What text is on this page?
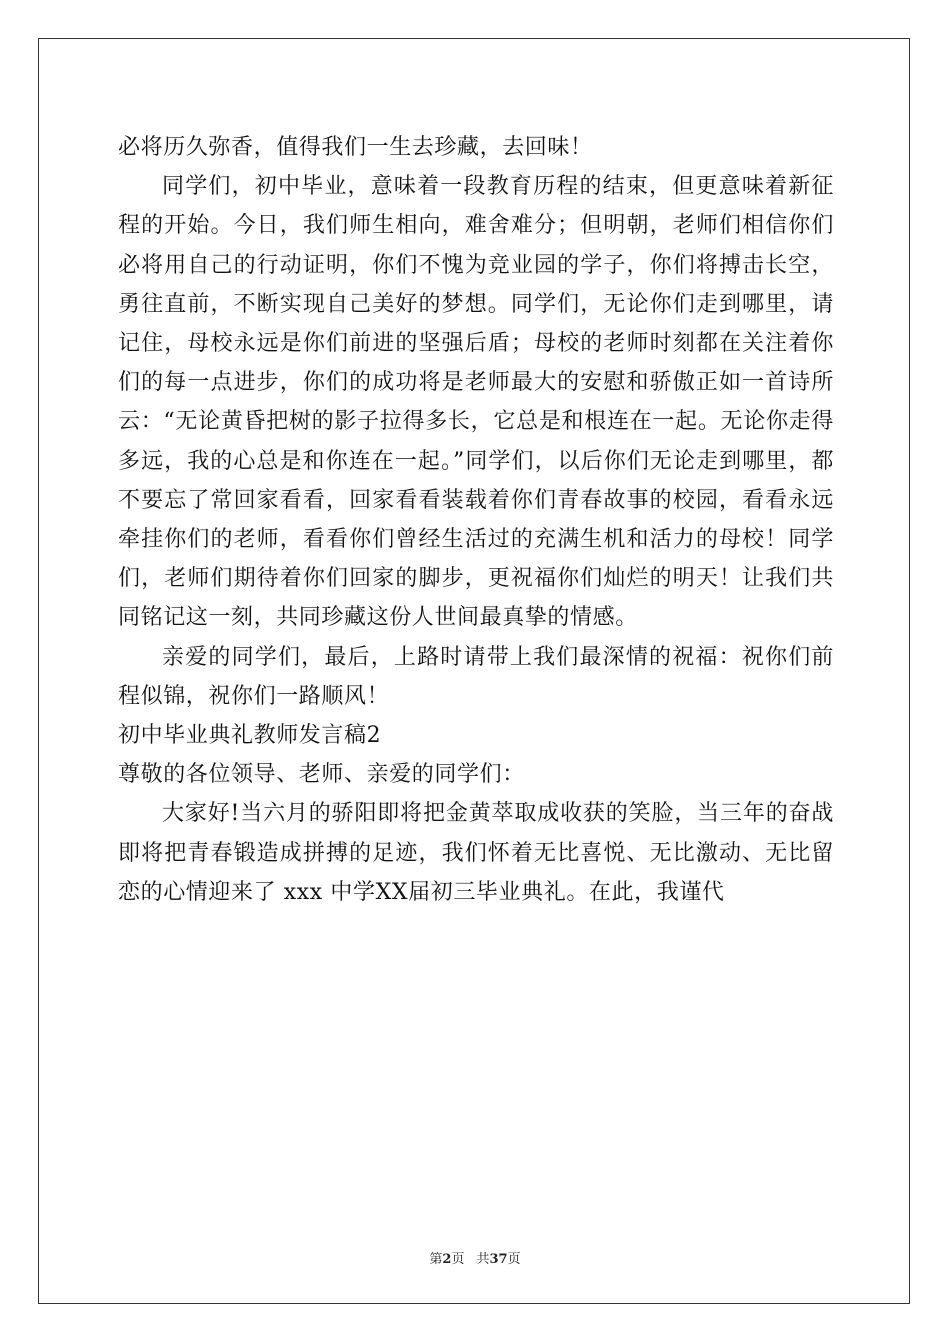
必将历久弥香，值得我们一生去珍藏，去回味！

同学们，初中毕业，意味着一段教育历程的结束，但更意味着新征程的开始。今日，我们师生相向，难舍难分；但明朝，老师们相信你们必将用自己的行动证明，你们不愧为竞业园的学子，你们将搏击长空，勇往直前，不断实现自己美好的梦想。同学们，无论你们走到哪里，请记住，母校永远是你们前进的坚强后盾；母校的老师时刻都在关注着你们的每一点进步，你们的成功将是老师最大的安慰和骄傲正如一首诗所云：“无论黄昏把树的影子拉得多长，它总是和根连在一起。无论你走得多远，我的心总是和你连在一起。”同学们，以后你们无论走到哪里，都不要忘了常回家看看，回家看看装载着你们青春故事的校园，看看永远牵挂你们的老师，看看你们曾经生活过的充满生机和活力的母校！同学们，老师们期待着你们回家的脚步，更祝福你们灿烂的明天！让我们共同铭记这一刻，共同珍藏这份人世间最真挚的情感。

亲爱的同学们，最后，上路时请带上我们最深情的祝福：祝你们前程似锦，祝你们一路顺风！

初中毕业典礼教师发言稿2

尊敬的各位领导、老师、亲爱的同学们：

大家好!当六月的骄阳即将把金黄萃取成收获的笑脸，当三年的奋战即将把青春锻造成拼搏的足迹，我们怀着无比喜悦、无比激动、无比留恋的心情迎来了 xxx 中学XX届初三毕业典礼。在此，我谨代

第2页 共37页
